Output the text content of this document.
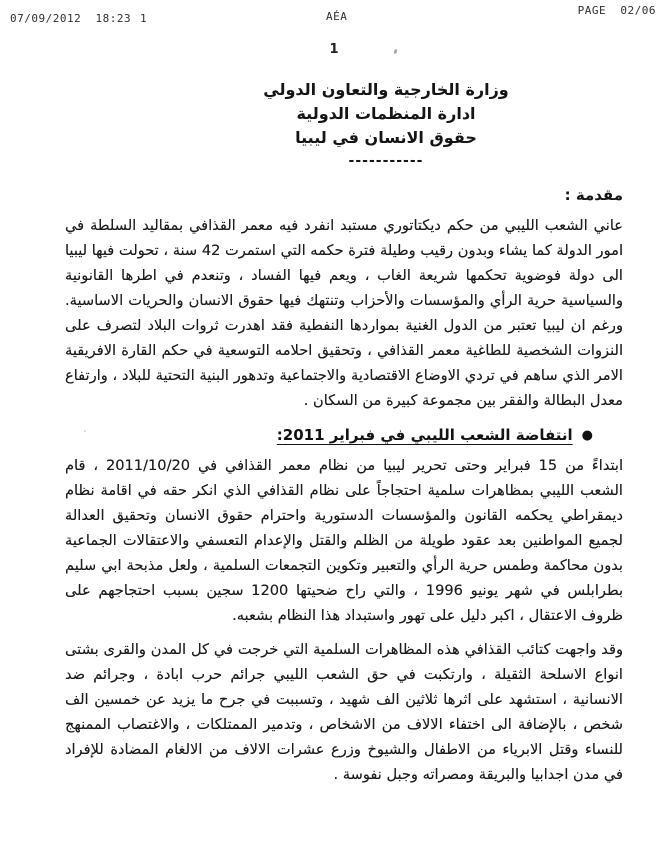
07/09/2012  18:23 1	AÉA	PAGE  02/06
1
وزارة الخارجية والتعاون الدولي
ادارة المنظمات الدولية
حقوق الانسان في ليبيا
-----------
مقدمة :

عاني الشعب الليبي من حكم ديكتاتوري مستبد انفرد فيه معمر القذافي بمقاليد السلطة في امور الدولة كما يشاء وبدون رقيب وطيلة فترة حكمه التي استمرت 42 سنة ، تحولت فيها ليبيا الى دولة فوضوية تحكمها شريعة الغاب ، ويعم فيها الفساد ، وتنعدم في اطرها القانونية والسياسية حرية الرأي والمؤسسات والأحزاب وتنتهك فيها حقوق الانسان والحريات الاساسية. ورغم ان ليبيا تعتبر من الدول الغنية بمواردها النفطية فقد اهدرت ثروات البلاد لتصرف على النزوات الشخصية للطاغية معمر القذافي ، وتحقيق احلامه التوسعية في حكم القارة الافريقية الامر الذي ساهم في تردي الاوضاع الاقتصادية والاجتماعية وتدهور البنية التحتية للبلاد ، وارتفاع معدل البطالة والفقر بين مجموعة كبيرة من السكان .

●
انتفاضة الشعب الليبي في فبراير 2011:

ابتداءً من 15 فبراير وحتى تحرير ليبيا من نظام معمر القذافي في 2011/10/20 ، قام الشعب الليبي بمظاهرات سلمية احتجاجاً على نظام القذافي الذي انكر حقه في اقامة نظام ديمقراطي يحكمه القانون والمؤسسات الدستورية واحترام حقوق الانسان وتحقيق العدالة لجميع المواطنين بعد عقود طويلة من الظلم والقتل والإعدام التعسفي والاعتقالات الجماعية بدون محاكمة وطمس حرية الرأي والتعبير وتكوين التجمعات السلمية ، ولعل مذبحة ابي سليم بطرابلس في شهر يونيو 1996 ، والتي راح ضحيتها 1200 سجين بسبب احتجاجهم على ظروف الاعتقال ، اكبر دليل على تهور واستبداد هذا النظام بشعبه.

وقد واجهت كتائب القذافي هذه المظاهرات السلمية التي خرجت في كل المدن والقرى بشتى انواع الاسلحة الثقيلة ، وارتكبت في حق الشعب الليبي جرائم حرب ابادة ، وجرائم ضد الانسانية ، استشهد على اثرها ثلاثين الف شهيد ، وتسببت في جرح ما يزيد عن خمسين الف شخص ، بالإضافة الى اختفاء الالاف من الاشخاص ، وتدمير الممتلكات ، والاغتصاب الممنهج للنساء وقتل الابرياء من الاطفال والشيوخ وزرع عشرات الالاف من الالغام المضادة للإفراد في مدن اجدابيا والبريقة ومصراته وجبل نفوسة .
